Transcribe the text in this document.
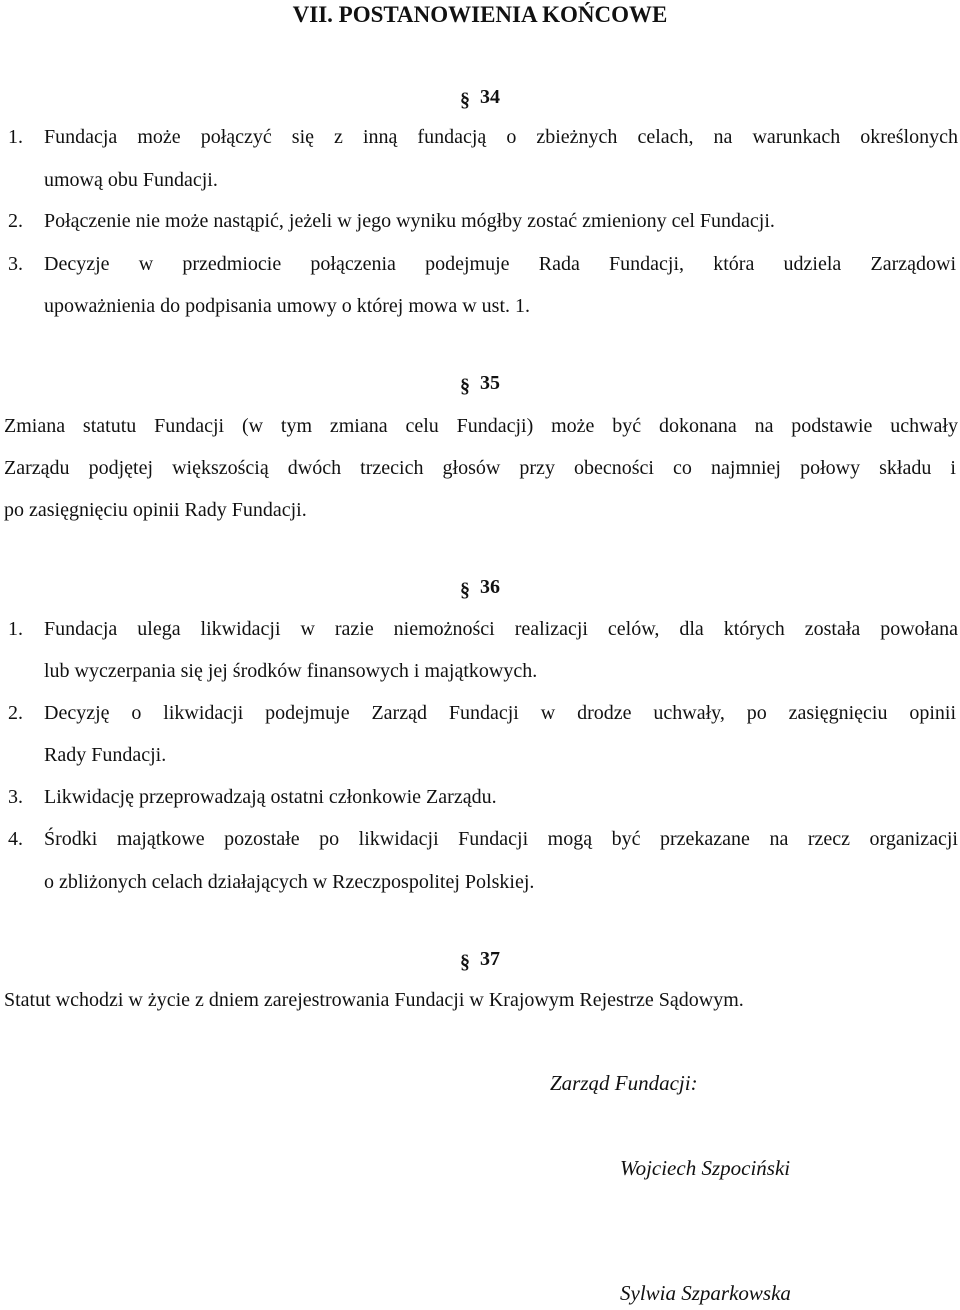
VII. POSTANOWIENIA KOŃCOWE
§ 34
1. Fundacja może połączyć się z inną fundacją o zbieżnych celach, na warunkach określonych
umową obu Fundacji.
2. Połączenie nie może nastąpić, jeżeli w jego wyniku mógłby zostać zmieniony cel Fundacji.
3. Decyzje w przedmiocie połączenia podejmuje Rada Fundacji, która udziela Zarządowi
upoważnienia do podpisania umowy o której mowa w ust. 1.
§ 35
Zmiana statutu Fundacji (w tym zmiana celu Fundacji) może być dokonana na podstawie uchwały
Zarządu podjętej większością dwóch trzecich głosów przy obecności co najmniej połowy składu i
po zasięgnięciu opinii Rady Fundacji.
§ 36
1. Fundacja ulega likwidacji w razie niemożności realizacji celów, dla których została powołana
lub wyczerpania się jej środków finansowych i majątkowych.
2. Decyzję o likwidacji podejmuje Zarząd Fundacji w drodze uchwały, po zasięgnięciu opinii
Rady Fundacji.
3. Likwidację przeprowadzają ostatni członkowie Zarządu.
4. Środki majątkowe pozostałe po likwidacji Fundacji mogą być przekazane na rzecz organizacji
o zbliżonych celach działających w Rzeczpospolitej Polskiej.
§ 37
Statut wchodzi w życie z dniem zarejestrowania Fundacji w Krajowym Rejestrze Sądowym.
Zarząd Fundacji:
Wojciech Szpociński
Sylwia Szparkowska
